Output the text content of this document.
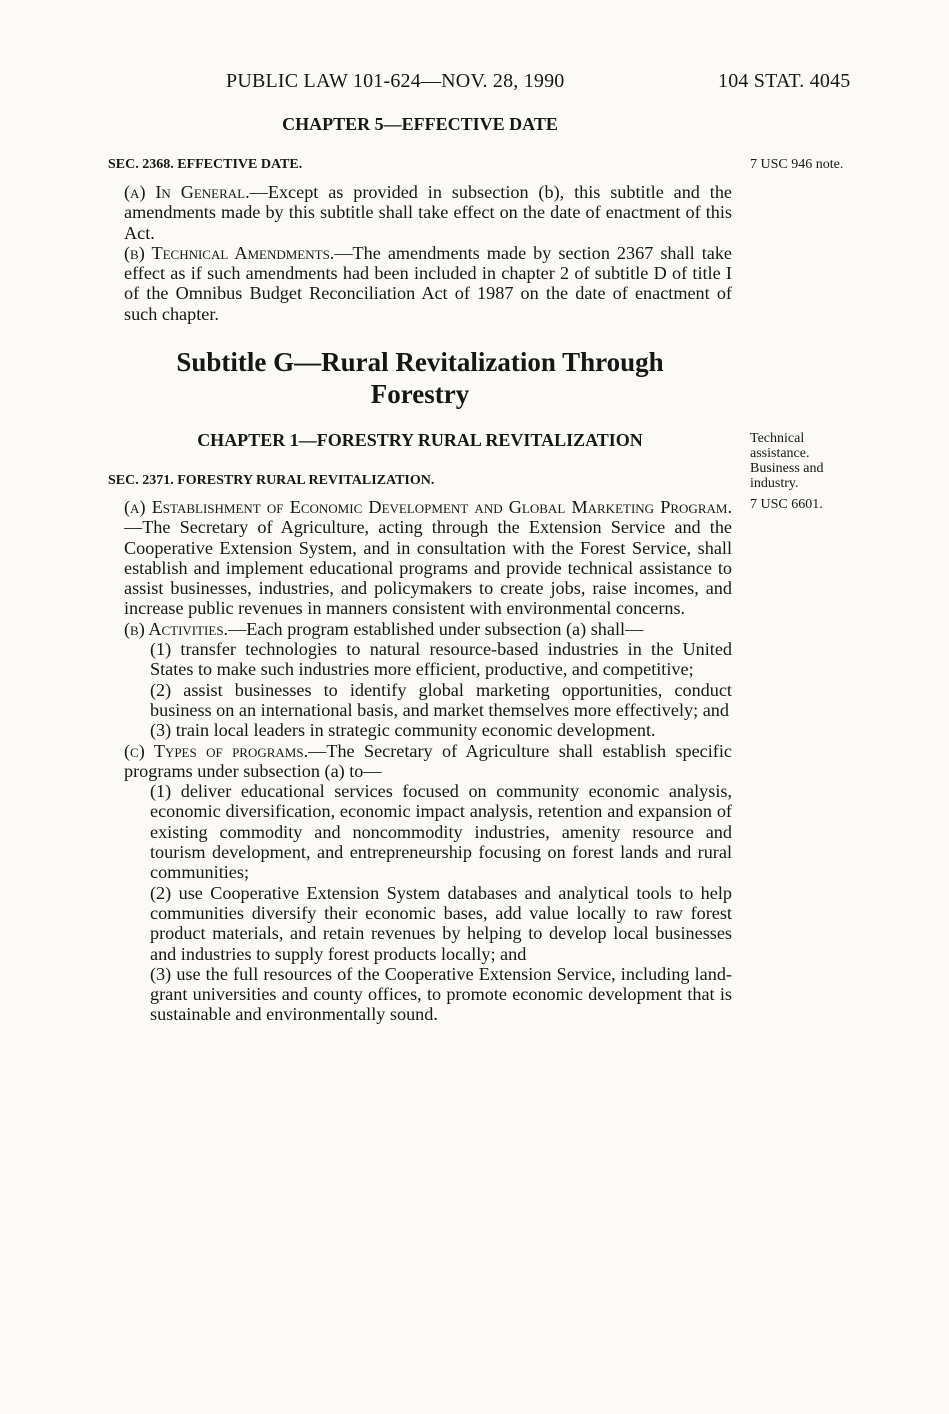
PUBLIC LAW 101-624—NOV. 28, 1990	104 STAT. 4045
CHAPTER 5—EFFECTIVE DATE
SEC. 2368. EFFECTIVE DATE.	7 USC 946 note.

(a) In General.—Except as provided in subsection (b), this subtitle and the amendments made by this subtitle shall take effect on the date of enactment of this Act.

(b) Technical Amendments.—The amendments made by section 2367 shall take effect as if such amendments had been included in chapter 2 of subtitle D of title I of the Omnibus Budget Reconciliation Act of 1987 on the date of enactment of such chapter.

Subtitle G—Rural Revitalization Through
Forestry
CHAPTER 1—FORESTRY RURAL REVITALIZATION
SEC. 2371. FORESTRY RURAL REVITALIZATION.
Technical assistance.
Business and industry.
7 USC 6601.

(a) Establishment of Economic Development and Global Marketing Program.—The Secretary of Agriculture, acting through the Extension Service and the Cooperative Extension System, and in consultation with the Forest Service, shall establish and implement educational programs and provide technical assistance to assist businesses, industries, and policymakers to create jobs, raise incomes, and increase public revenues in manners consistent with environmental concerns.

(b) Activities.—Each program established under subsection (a) shall—

(1) transfer technologies to natural resource-based industries in the United States to make such industries more efficient, productive, and competitive;

(2) assist businesses to identify global marketing opportunities, conduct business on an international basis, and market themselves more effectively; and

(3) train local leaders in strategic community economic development.

(c) Types of programs.—The Secretary of Agriculture shall establish specific programs under subsection (a) to—

(1) deliver educational services focused on community economic analysis, economic diversification, economic impact analysis, retention and expansion of existing commodity and noncommodity industries, amenity resource and tourism development, and entrepreneurship focusing on forest lands and rural communities;

(2) use Cooperative Extension System databases and analytical tools to help communities diversify their economic bases, add value locally to raw forest product materials, and retain revenues by helping to develop local businesses and industries to supply forest products locally; and

(3) use the full resources of the Cooperative Extension Service, including land-grant universities and county offices, to promote economic development that is sustainable and environmentally sound.
